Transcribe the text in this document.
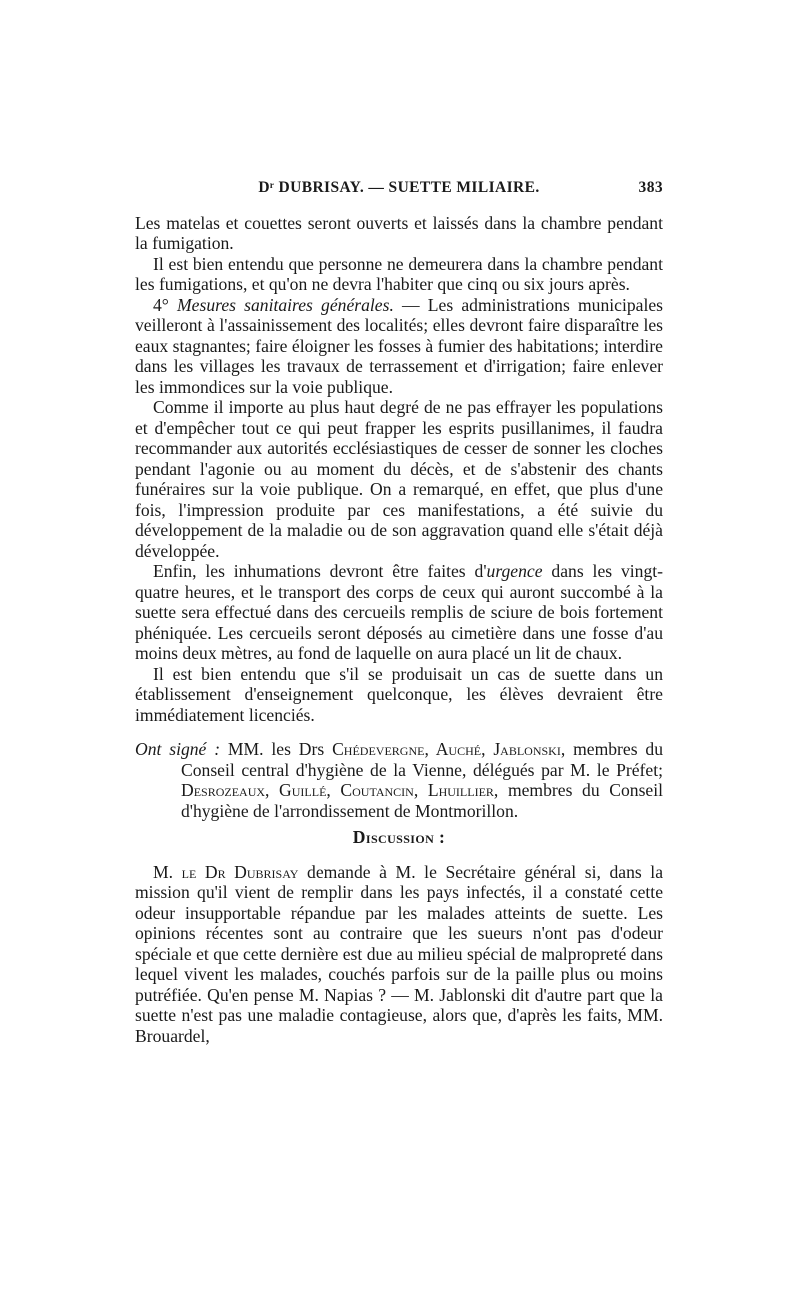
Dʳ DUBRISAY. — SUETTE MILIAIRE.	383

Les matelas et couettes seront ouverts et laissés dans la chambre pendant la fumigation.

Il est bien entendu que personne ne demeurera dans la chambre pendant les fumigations, et qu'on ne devra l'habiter que cinq ou six jours après.

4° Mesures sanitaires générales. — Les administrations municipales veilleront à l'assainissement des localités; elles devront faire disparaître les eaux stagnantes; faire éloigner les fosses à fumier des habitations; interdire dans les villages les travaux de terrassement et d'irrigation; faire enlever les immondices sur la voie publique.

Comme il importe au plus haut degré de ne pas effrayer les populations et d'empêcher tout ce qui peut frapper les esprits pusillanimes, il faudra recommander aux autorités ecclésiastiques de cesser de sonner les cloches pendant l'agonie ou au moment du décès, et de s'abstenir des chants funéraires sur la voie publique. On a remarqué, en effet, que plus d'une fois, l'impression produite par ces manifestations, a été suivie du développement de la maladie ou de son aggravation quand elle s'était déjà développée.

Enfin, les inhumations devront être faites d'urgence dans les vingt-quatre heures, et le transport des corps de ceux qui auront succombé à la suette sera effectué dans des cercueils remplis de sciure de bois fortement phéniquée. Les cercueils seront déposés au cimetière dans une fosse d'au moins deux mètres, au fond de laquelle on aura placé un lit de chaux.

Il est bien entendu que s'il se produisait un cas de suette dans un établissement d'enseignement quelconque, les élèves devraient être immédiatement licenciés.

Ont signé : MM. les Drs Chédevergne, Auché, Jablonski, membres du Conseil central d'hygiène de la Vienne, délégués par M. le Préfet; Desrozeaux, Guillé, Coutancin, Lhuillier, membres du Conseil d'hygiène de l'arrondissement de Montmorillon.

Discussion :

M. le Dr Dubrisay demande à M. le Secrétaire général si, dans la mission qu'il vient de remplir dans les pays infectés, il a constaté cette odeur insupportable répandue par les malades atteints de suette. Les opinions récentes sont au contraire que les sueurs n'ont pas d'odeur spéciale et que cette dernière est due au milieu spécial de malpropreté dans lequel vivent les malades, couchés parfois sur de la paille plus ou moins putréfiée. Qu'en pense M. Napias ? — M. Jablonski dit d'autre part que la suette n'est pas une maladie contagieuse, alors que, d'après les faits, MM. Brouardel,
